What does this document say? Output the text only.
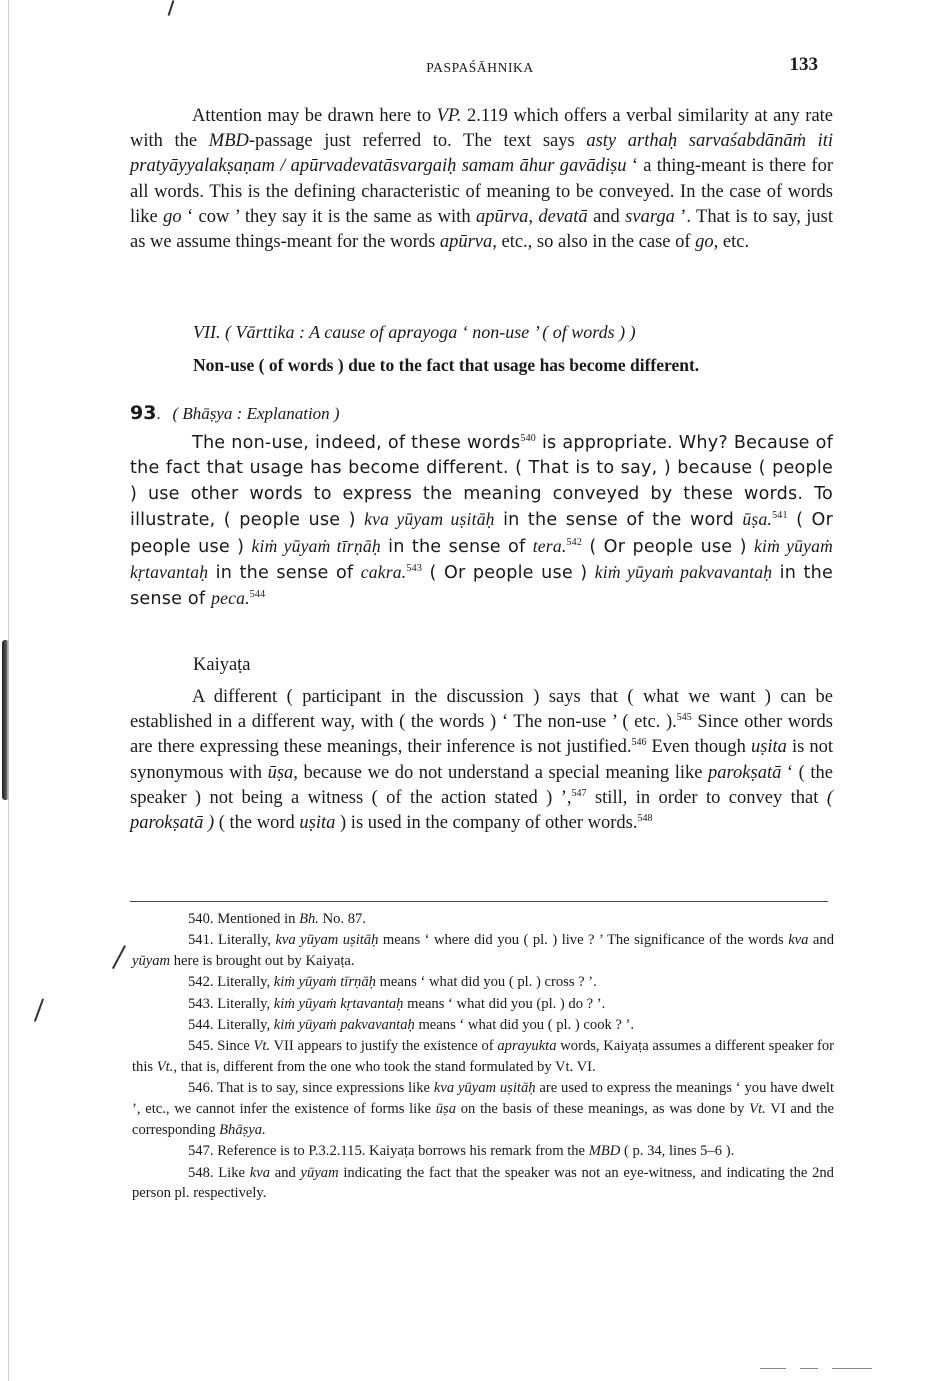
PASPAŚĀHNIKA	133

Attention may be drawn here to VP. 2.119 which offers a verbal similarity at any rate with the MBD-passage just referred to. The text says asty arthaḥ sarvaśabdānāṁ iti pratyāyyalakṣaṇam / apūrvadevatāsvargaiḥ samam āhur gavādiṣu ‘ a thing-meant is there for all words. This is the defining characteristic of meaning to be conveyed. In the case of words like go ‘ cow ’ they say it is the same as with apūrva, devatā and svarga ’. That is to say, just as we assume things-meant for the words apūrva, etc., so also in the case of go, etc.

VII. ( Vārttika : A cause of aprayoga ‘ non-use ’ ( of words ) )

Non-use ( of words ) due to the fact that usage has become different.

93. ( Bhāṣya : Explanation )

The non-use, indeed, of these words$^{540}$ is appropriate. Why? Because of the fact that usage has become different. ( That is to say, ) because ( people ) use other words to express the meaning conveyed by these words. To illustrate, ( people use ) kva yūyam uṣitāḥ in the sense of the word ūṣa.$^{541}$ ( Or people use ) kiṁ yūyaṁ tīrṇāḥ in the sense of tera.$^{542}$ ( Or people use ) kiṁ yūyaṁ kṛtavantaḥ in the sense of cakra.$^{543}$ ( Or people use ) kiṁ yūyaṁ pakvavantaḥ in the sense of peca.$^{544}$

Kaiyaṭa

A different ( participant in the discussion ) says that ( what we want ) can be established in a different way, with ( the words ) ‘ The non-use ’ ( etc. ).$^{545}$ Since other words are there expressing these meanings, their inference is not justified.$^{546}$ Even though uṣita is not synonymous with ūṣa, because we do not understand a special meaning like parokṣatā ‘ ( the speaker ) not being a witness ( of the action stated ) ’,$^{547}$ still, in order to convey that ( parokṣatā ) ( the word uṣita ) is used in the company of other words.$^{548}$

540. Mentioned in Bh. No. 87.

541. Literally, kva yūyam uṣitāḥ means ‘ where did you ( pl. ) live ? ’ The significance of the words kva and yūyam here is brought out by Kaiyaṭa.

542. Literally, kiṁ yūyaṁ tīrṇāḥ means ‘ what did you ( pl. ) cross ? ’.

543. Literally, kiṁ yūyaṁ kṛtavantaḥ means ‘ what did you (pl. ) do ? ’.

544. Literally, kiṁ yūyaṁ pakvavantaḥ means ‘ what did you ( pl. ) cook ? ’.

545. Since Vt. VII appears to justify the existence of aprayukta words, Kaiyaṭa assumes a different speaker for this Vt., that is, different from the one who took the stand formulated by Vt. VI.

546. That is to say, since expressions like kva yūyam uṣitāḥ are used to express the meanings ‘ you have dwelt ’, etc., we cannot infer the existence of forms like ūṣa on the basis of these meanings, as was done by Vt. VI and the corresponding Bhāṣya.

547. Reference is to P.3.2.115. Kaiyaṭa borrows his remark from the MBD ( p. 34, lines 5–6 ).

548. Like kva and yūyam indicating the fact that the speaker was not an eye-witness, and indicating the 2nd person pl. respectively.
